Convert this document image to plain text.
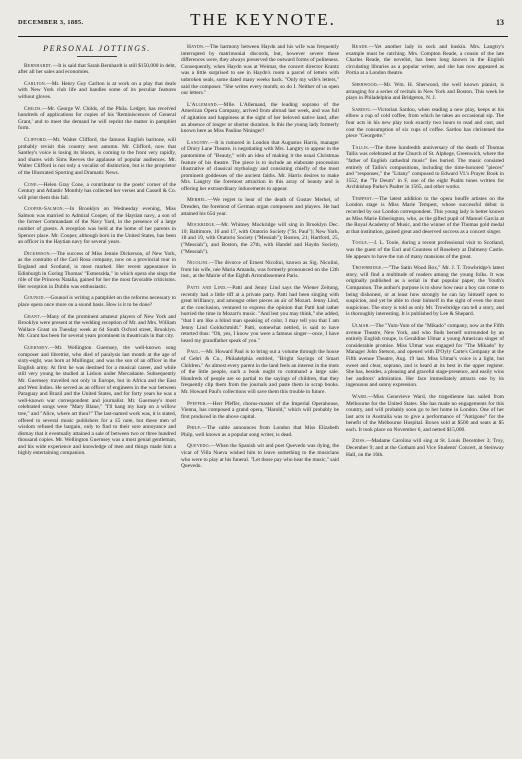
DECEMBER 3, 1885.	THE KEYNOTE.	13
PERSONAL JOTTINGS.

Bernhardt.—It is said that Sarah Bernhardt is still $150,000 in debt, after all her sales and economies.

Carlton.—Mr. Henry Guy Carlton is at work on a play that deals with New York club life and handles some of its peculiar features without gloves.

Childs.—Mr. George W. Childs, of the Phila. Ledger, has received hundreds of applications for copies of his 'Reminiscences of General Grant,' and to meet the demand he will reprint the matter in pamphlet form.

Clifford.—Mr. Walter Clifford, the famous English baritone, will probably revisit this country next autumn. Mr. Clifford, now that Santley's voice is losing its bloom, is coming to the front very rapidly, and shares with Sims Reeves the applause of popular audiences. Mr. Walter Clifford is not only a vocalist of distinction, but is the proprietor of the Illustrated Sporting and Dramatic News.

Cone.—Helen Gray Cone, a contributor to the poets' corner of the Century and Atlantic Monthly has collected her verses and Cassell & Co. will print them this fall.

Cooper-Salmon.—In Brooklyn on Wednesday evening, Miss Salmon was married to Admiral Cooper, of the Haytian navy, a son of the former Commandant of the Navy Yard, in the presence of a large number of guests. A reception was held at the home of her parents in Spencer place. Mr. Cooper, although born in the United States, has been an officer in the Haytian navy for several years.

Dickerson.—The success of Miss Jennie Dickerson, of New York, as the contralto of the Carl Rosa company, now on a provincial tour in England and Scotland, is most marked. Her recent appearance in Edinburgh in Goring Thomas' "Esmeralda," in which opera she sings the rôle of the Princess Natalia, gained for her the most favorable criticisms. Her reception in Dublin was enthusiastic.

Gounod.—Gounod is writing a pamphlet on the reforms necessary to place opera once more on a sound basis. How is it to be done?

Grant.—Many of the prominent amateur players of New York and Brooklyn were present at the wedding reception of Mr. and Mrs. William Wallace Grant on Tuesday week at 64 South Oxford street, Brooklyn. Mr. Grant has been for several years prominent in theatricals in that city.

Guernsey.—Mr. Wellington Guernsey, the well-known song composer and librettist, who died of paralysis last month at the age of sixty-eight, was born at Mullingar, and was the son of an officer in the English army. At first he was destined for a musical career, and while still very young he studied at Lisbon under Mercadante. Subsequently Mr. Guernsey travelled not only in Europe, but in Africa and the East and West Indies. He served as an officer of engineers in the war between Paraguay and Brazil and the United States, and for forty years he was a well-known war correspondent and journalist. Mr. Guernsey's most celebrated songs were "Mary Blane," "I'll hang my harp on a willow tree," and "Alice, where art thou?" The last-named work was, it is stated, offered to several music publishers for a £5 note, but these men of wisdom refused the bargain, only to find to their sore annoyance and dismay that it eventually attained a sale of between two or three hundred thousand copies. Mr. Wellington Guernsey was a most genial gentleman, and his wide experience and knowledge of men and things made him a highly entertaining companion.

Haydn.—The harmony between Haydn and his wife was frequently interrupted by matrimonial discords, but, however severe these differences were, they always preserved the outward forms of politeness. Consequently, when Haydn was at Weimar, the concert director Krantz was a little surprised to see in Haydn's room a parcel of letters with unbroken seals, some dated many weeks back. "Only my wife's letters," said the composer. "She writes every month; so do I. Neither of us open our letters."

L'Allemand.—Mlle. L'Allemand, the leading soprano of the American Opera Company, arrived from abroad last week, and was full of agitation and happiness at the sight of her beloved native land, after an absence of longer or shorter duration. Is this the young lady formerly known here as Miss Pauline Nininger?

Langtry.—It is rumored in London that Augustus Harris, manager of Drury Lane Theatre, is negotiating with Mrs. Langtry to appear in the pantomime of "Beauty," with an idea of making it the usual Christmas feature of his theatre. The piece is to include an elaborate procession illustrative of classical mythology and consisting chiefly of the most prominent goddesses of the ancient faiths. Mr. Harris desires to make Mrs. Langtry the foremost attraction in this array of beauty and is offering her extraordinary inducements to appear.

Merhel.—We regret to hear of the death of Gustav Merhel, of Dresden, the foremost of German organ composers and players. He had attained his 65d year.

Mockridge.—Mr. Whitney Mockridge will sing in Brooklyn Dec. 10; Baltimore, 16 and 17, with Oratorio Society ("St. Paul"); New York, 18 and 19, with Oratorio Society ("Messiah"); Boston, 21; Hartford, 25, ("Messiah"), and Boston, the 27th, with Handel and Haydn Society, ("Messiah").

Nicolini.—The divorce of Ernest Nicolini, known as Sig. Nicolini, from his wife, née Maria Amanda, was formerly pronounced on the 12th inst., at the Mairie of the Eighth Arrondissement Paris.

Patti and Lind.—Patti and Jenny Lind says the Wiener Zeitung, recently had a little tiff at a private party. Patti had been singing with great brilliancy, and amongst other pieces an air of Mozart. Jenny Lind, at the conclusion, ventured to express the opinion that Patti had rather hurried the time in Mozart's music. "And lest you may think," she added, "that I am like a blind man speaking of color, I may tell you that I am Jenny Lind Goldschmidt." Patti, somewhat nettled, is said to have retorted thus: "Oh, yes, I know you were a famous singer—once, I have heard my grandfather speak of you."

Paul.—Mr. Howard Paul is to bring out a volume through the house of Gebri & Co., Philadelphia entitled, "Bright Sayings of Smart Children." As almost every parent in the land feels an interest in the mots of the little people, such a book ought to command a large sale. Hundreds of people are so partial to the sayings of children, that they frequently clip them from the journals and paste them in scrap books. Mr. Howard Paul's collections will save them this trouble in future.

Pfeffer.—Herr Pfeffer, chorus-master of the Imperial Operahouse, Vienna, has composed a grand opera, "Harold," which will probably be first produced in the above capital.

Philp.—The cable announces from London that Miss Elizabeth Philp, well known as a popular song writer, is dead.

Quevedo.—When the Spanish wit and poet Quevedo was dying, the vicar of Villa Nueva wished him to leave something to the musicians who were to play at his funeral. "Let those pay who hear the music," said Quevedo.

Reade.—Yet another lady in sock and buskin. Mrs. Langtry's example must be catching. Mrs. Compton Reade, a cousin of the late Charles Reade, the novelist, has been long known in the English circulating libraries as a popular writer, and she has now appeared as Portia at a London theatre.

Sherwood.—Mr. Wm. H. Sherwood, the well known pianist, is arranging for a series of recitals in New York and Boston. This week he plays in Philadelphia and Bridgeton, N. J.

Sardou.—Victorian Sardou, when reading a new play, keeps at his elbow a cup of cold coffee, from which he takes an occasional sip. The four acts in his new play took exactly two hours to read and cost, and cost the consumption of six cups of coffee. Sardou has christened the piece "Georgette."

Tallis.—The three hundredth anniversary of the death of Thomas Tallis was celebrated at the Church of St. Alphege, Greenwich, where the "father of English cathedral music" lies buried. The music consisted entirely of Tallis's compositions, including the time-honored "pieces" and "responses," the "Litany" composed to Edward VI.'s Prayer Book in 1552, the "Te Deum" in F, one of the eight Psalm tunes written for Archbishop Parke's Psalter in 1565, and other works.

Tempest.—The latest addition to the opera bouffe artistes on the London stage is Miss Marie Tempest, whose successful début is recorded by our London correspondent. This young lady is better known as Miss Marie Etherington, who, as the gifted pupil of Manuel Garcia at the Royal Academy of Music, and the winner of the Thomas gold medal at that institution, gained great and deserved success as a concert singer.

Toole.—J. L. Toole, during a recent professional visit to Scotland, was the guest of the Earl and Countess of Rosebery at Dalmeny Castle. He appears to have the run of many mansions of the great.

Trowbridge.—"The Satin Wood Box," Mr. J. T. Trowbridge's latest story, will find a multitude of readers among the young folks. It was originally published as a serial in that popular paper, the Youth's Companion. The author's purpose is to show how near a boy can come to being dishonest, or at least how strongly he can lay himself open to suspicion, and yet be able to clear himself in the sight of even the most suspicious. The story is told as only Mr. Trowbridge can tell a story, and is thoroughly interesting. It is published by Lee & Shepard.

Ulmar.—The "Yum-Yum of the "Mikado" company, now at the Fifth avenue Theatre, New York, and who finds herself surrounded by an entirely English troupe, is Geraldine Ulmar a young American singer of considerable promise. Miss Ulmar was engaged for "The Mikado" by Manager John Stetson, and opened with D'Oyly Carte's Company at the Fifth avenue Theatre, Aug. 19 last. Miss Ulmar's voice is a light, but sweet and clear, soprano, and is heard at its best in the upper register. She has, besides, a pleasing and graceful stage-presence, and easily wins her auditors' admiration. Her face immediately attracts one by its ingenuous and sunny expression.

Ward.—Miss Genevieve Ward, the tragedienne has sailed from Melbourne for the United States. She has made no engagements for this country, and will probably soon go to her home in London. One of her last acts in Australia was to give a performance of "Antigone" for the benefit of the Melbourne Hospital. Boxes sold at $500 and seats at $5 each. It took place on November 6, and netted $15,000.

Zeiss.—Madame Carolina will sing at St. Louis December 3; Troy, December 9; and at the Gotham and Vice Students' Concert, at Steinway Hall, on the 16th.
